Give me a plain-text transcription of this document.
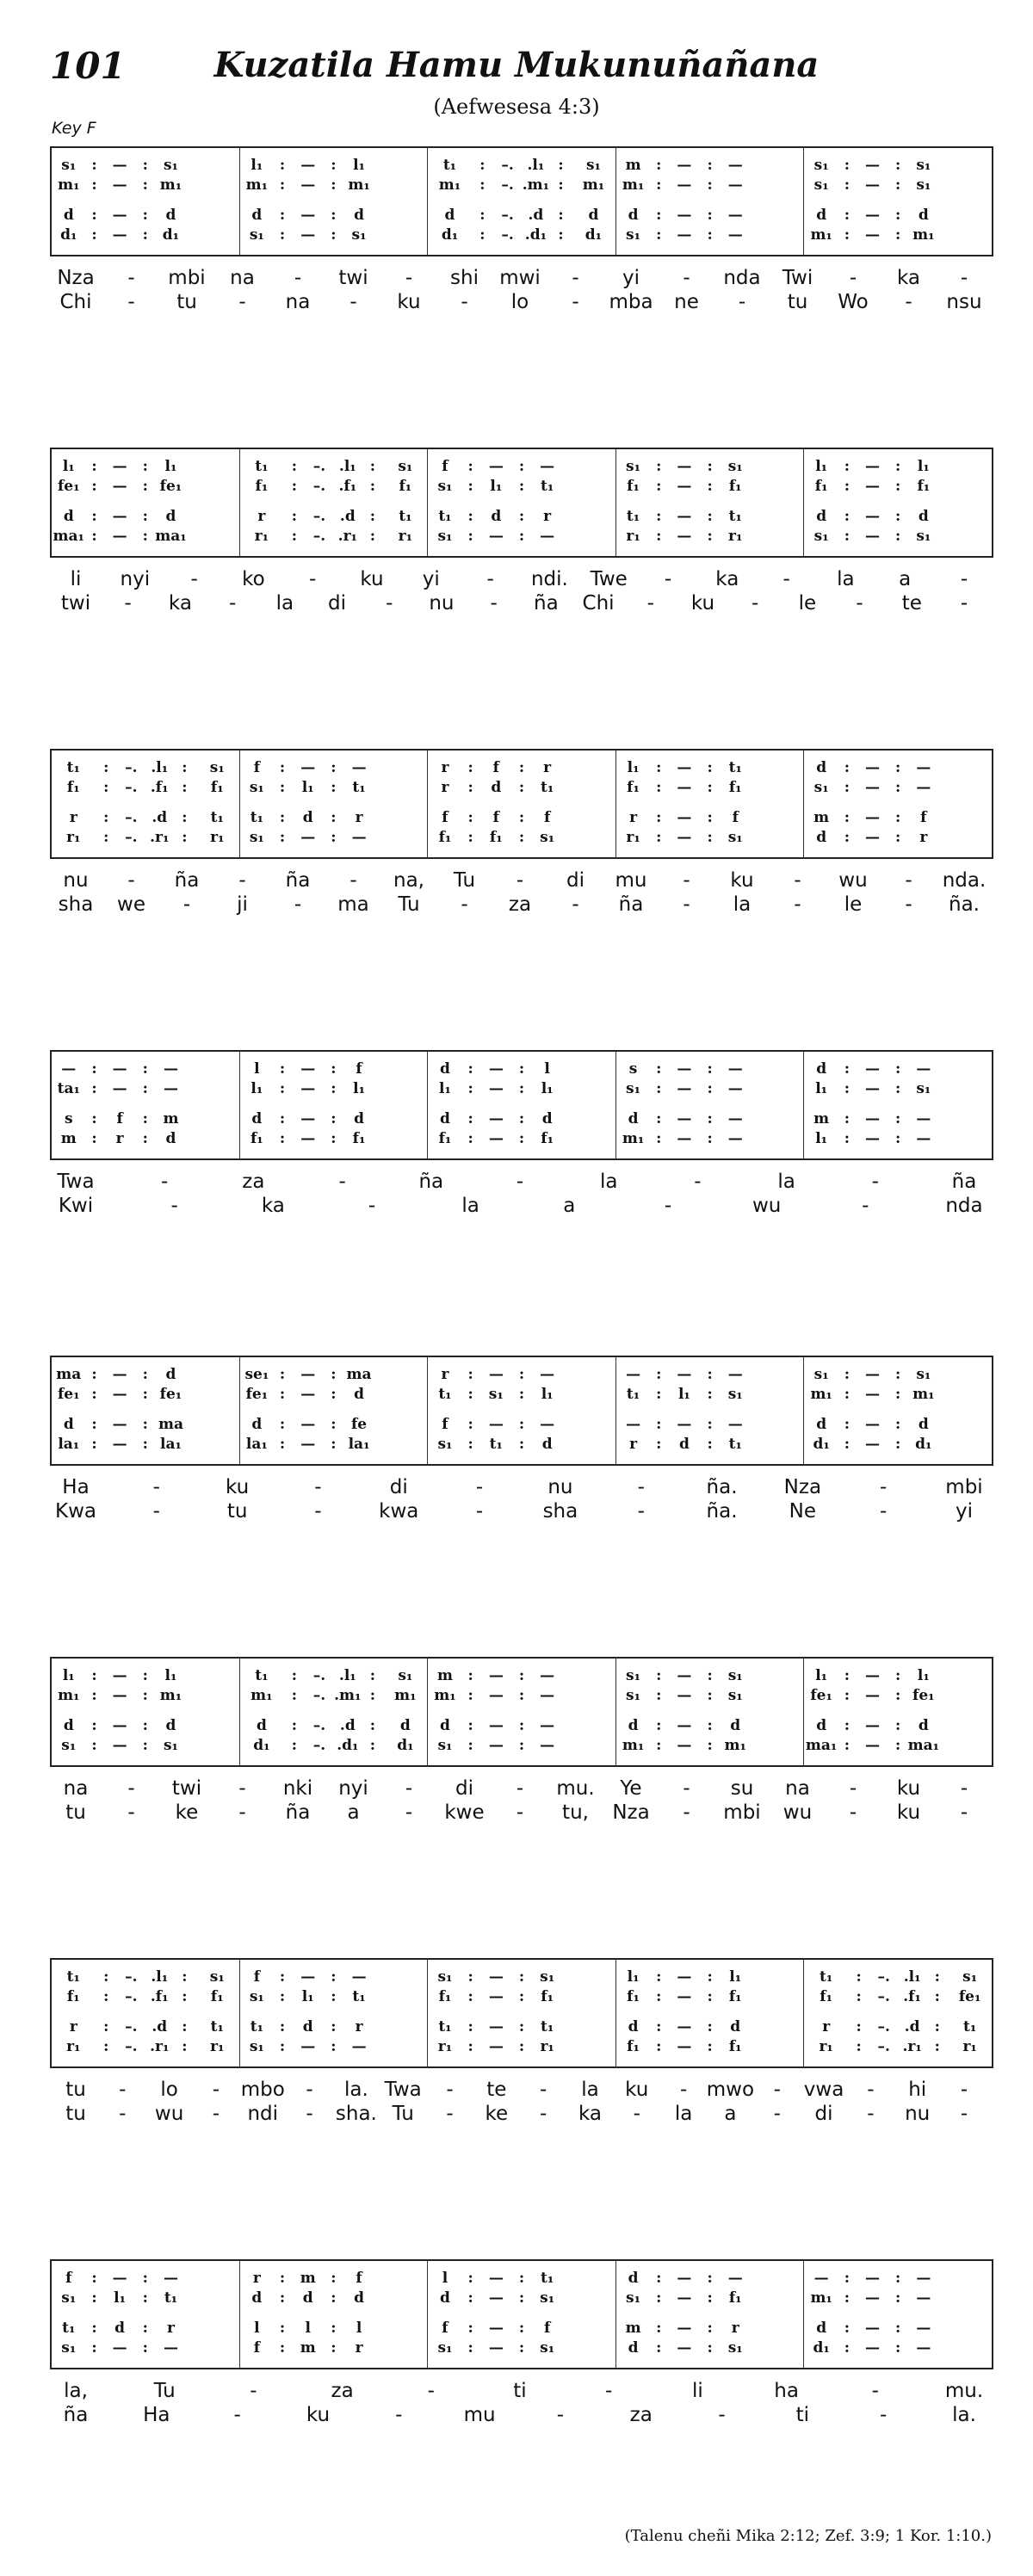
101	Kuzatila Hamu Mukunuñañana
(Aefwesesa 4:3)
Key F
s₁ : — : s₁
m₁ : — : m₁
d : — : d
d₁ : — : d₁
l₁ : — : l₁
m₁ : — : m₁
d : — : d
s₁ : — : s₁
t₁ : –. .l₁ : s₁
m₁ : –. .m₁ : m₁
d : –. .d : d
d₁ : –. .d₁ : d₁
m : — : —
m₁ : — : —
d : — : —
s₁ : — : —
s₁ : — : s₁
s₁ : — : s₁
d : — : d
m₁ : — : m₁
Nza - mbi na - twi - shi mwi - yi - nda Twi - ka -
Chi - tu - na - ku - lo - mba ne - tu Wo - nsu
l₁ : — : l₁
fe₁ : — : fe₁
d : — : d
ma₁ : — : ma₁
t₁ : –. .l₁ : s₁
f₁ : –. .f₁ : f₁
r : –. .d : t₁
r₁ : –. .r₁ : r₁
f : — : —
s₁ : l₁ : t₁
t₁ : d : r
s₁ : — : —
s₁ : — : s₁
f₁ : — : f₁
t₁ : — : t₁
r₁ : — : r₁
l₁ : — : l₁
f₁ : — : f₁
d : — : d
s₁ : — : s₁
li nyi - ko - ku yi - ndi. Twe - ka - la a	-
twi - ka - la di - nu - ña Chi - ku - le - te -
t₁ : –. .l₁ : s₁
f₁ : –. .f₁ : f₁
r : –. .d : t₁
r₁ : –. .r₁ : r₁
f : — : —
s₁ : l₁ : t₁
t₁ : d : r
s₁ : — : —
r : f : r
r : d : t₁
f : f : f
f₁ : f₁ : s₁
l₁ : — : t₁
f₁ : — : f₁
r : — : f
r₁ : — : s₁
d : — : —
s₁ : — : —
m : — : f
d : — : r
nu - ña - ña - na, Tu - di mu - ku - wu - nda.
sha we - ji - ma Tu - za - ña - la - le - ña.
— : — : —
ta₁ : — : —
s : f : m
m : r : d
l : — : f
l₁ : — : l₁
d : — : d
f₁ : — : f₁
d : — : l
l₁ : — : l₁
d : — : d
f₁ : — : f₁
s : — : —
s₁ : — : —
d : — : —
m₁ : — : —
d : — : —
l₁ : — : s₁
m : — : —
l₁ : — : —
Twa	-	za	-	ña	-	la	-	la	-	ña
Kwi	-	ka	-	la	a	-	wu	-	nda
ma : — : d
fe₁ : — : fe₁
d : — : ma
la₁ : — : la₁
se₁ : — : ma
fe₁ : — : d
d : — : fe
la₁ : — : la₁
r : — : —
t₁ : s₁ : l₁
f : — : —
s₁ : t₁ : d
— : — : —
t₁ : l₁ : s₁
— : — : —
r : d : t₁
s₁ : — : s₁
m₁ : — : m₁
d : — : d
d₁ : — : d₁
Ha	-	ku	-	di	-	nu	-	ña. Nza	-	mbi
Kwa	-	tu	-	kwa	-	sha	-	ña.	Ne	-	yi
l₁ : — : l₁
m₁ : — : m₁
d : — : d
s₁ : — : s₁
t₁ : –. .l₁ : s₁
m₁ : –. .m₁ : m₁
d : –. .d : d
d₁ : –. .d₁ : d₁
m : — : —
m₁ : — : —
d : — : —
s₁ : — : —
s₁ : — : s₁
s₁ : — : s₁
d : — : d
m₁ : — : m₁
l₁ : — : l₁
fe₁ : — : fe₁
d : — : d
ma₁ : — : ma₁
na - twi - nki nyi - di - mu. Ye - su na - ku -
tu - ke - ña a - kwe - tu, Nza - mbi wu - ku -
t₁ : –. .l₁ : s₁
f₁ : –. .f₁ : f₁
r : –. .d : t₁
r₁ : –. .r₁ : r₁
f : — : —
s₁ : l₁ : t₁
t₁ : d : r
s₁ : — : —
s₁ : — : s₁
f₁ : — : f₁
t₁ : — : t₁
r₁ : — : r₁
l₁ : — : l₁
f₁ : — : f₁
d : — : d
f₁ : — : f₁
t₁ : –. .l₁ : s₁
f₁ : –. .f₁ : fe₁
r : –. .d : t₁
r₁ : –. .r₁ : r₁
tu - lo - mbo - la. Twa - te - la ku - mwo - vwa - hi -
tu - wu - ndi - sha. Tu - ke - ka - la a - di - nu -
f : — : —
s₁ : l₁ : t₁
t₁ : d : r
s₁ : — : —
r : m : f
d : d : d
l : l : l
f : m : r
l : — : t₁
d : — : s₁
f : — : f
s₁ : — : s₁
d : — : —
s₁ : — : f₁
m : — : r
d : — : s₁
— : — : —
m₁ : — : —
d : — : —
d₁ : — : —
la,	Tu	-	za	-	ti	-	li	ha	-	mu.
ña	Ha	-	ku	-	mu	-	za	-	ti	-	la.
(Talenu cheñi Mika 2:12; Zef. 3:9; 1 Kor. 1:10.)
